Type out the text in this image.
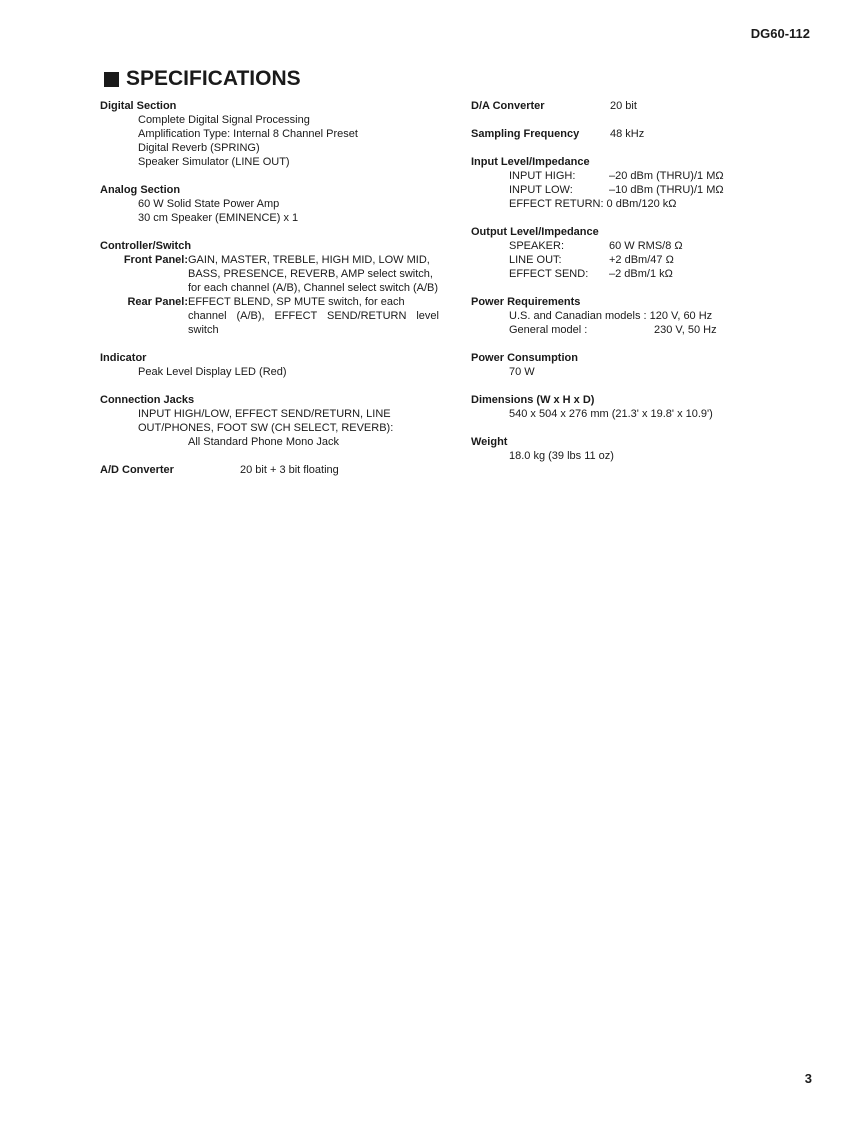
DG60-112
SPECIFICATIONS
Digital Section
Complete Digital Signal Processing
Amplification Type: Internal 8 Channel Preset
Digital Reverb (SPRING)
Speaker Simulator (LINE OUT)
Analog Section
60 W Solid State Power Amp
30 cm Speaker (EMINENCE) x 1
Controller/Switch
Front Panel: GAIN, MASTER, TREBLE, HIGH MID, LOW MID,
BASS, PRESENCE, REVERB, AMP select switch,
for each channel (A/B), Channel select switch (A/B)
Rear Panel: EFFECT BLEND, SP MUTE switch, for each
channel (A/B), EFFECT SEND/RETURN level switch
Indicator
Peak Level Display LED (Red)
Connection Jacks
INPUT HIGH/LOW, EFFECT SEND/RETURN, LINE
OUT/PHONES, FOOT SW (CH SELECT, REVERB):
All Standard Phone Mono Jack
A/D Converter	20 bit + 3 bit floating
D/A Converter	20 bit
Sampling Frequency	48 kHz
Input Level/Impedance
INPUT HIGH:	–20 dBm (THRU)/1 MΩ
INPUT LOW:	–10 dBm (THRU)/1 MΩ
EFFECT RETURN: 0 dBm/120 kΩ
Output Level/Impedance
SPEAKER:	60 W RMS/8 Ω
LINE OUT:	+2 dBm/47 Ω
EFFECT SEND:	–2 dBm/1 kΩ
Power Requirements
U.S. and Canadian models : 120 V, 60 Hz
General model :	230 V, 50 Hz
Power Consumption
70 W
Dimensions (W x H x D)
540 x 504 x 276 mm (21.3' x 19.8' x 10.9')
Weight
18.0 kg (39 lbs 11 oz)
3
